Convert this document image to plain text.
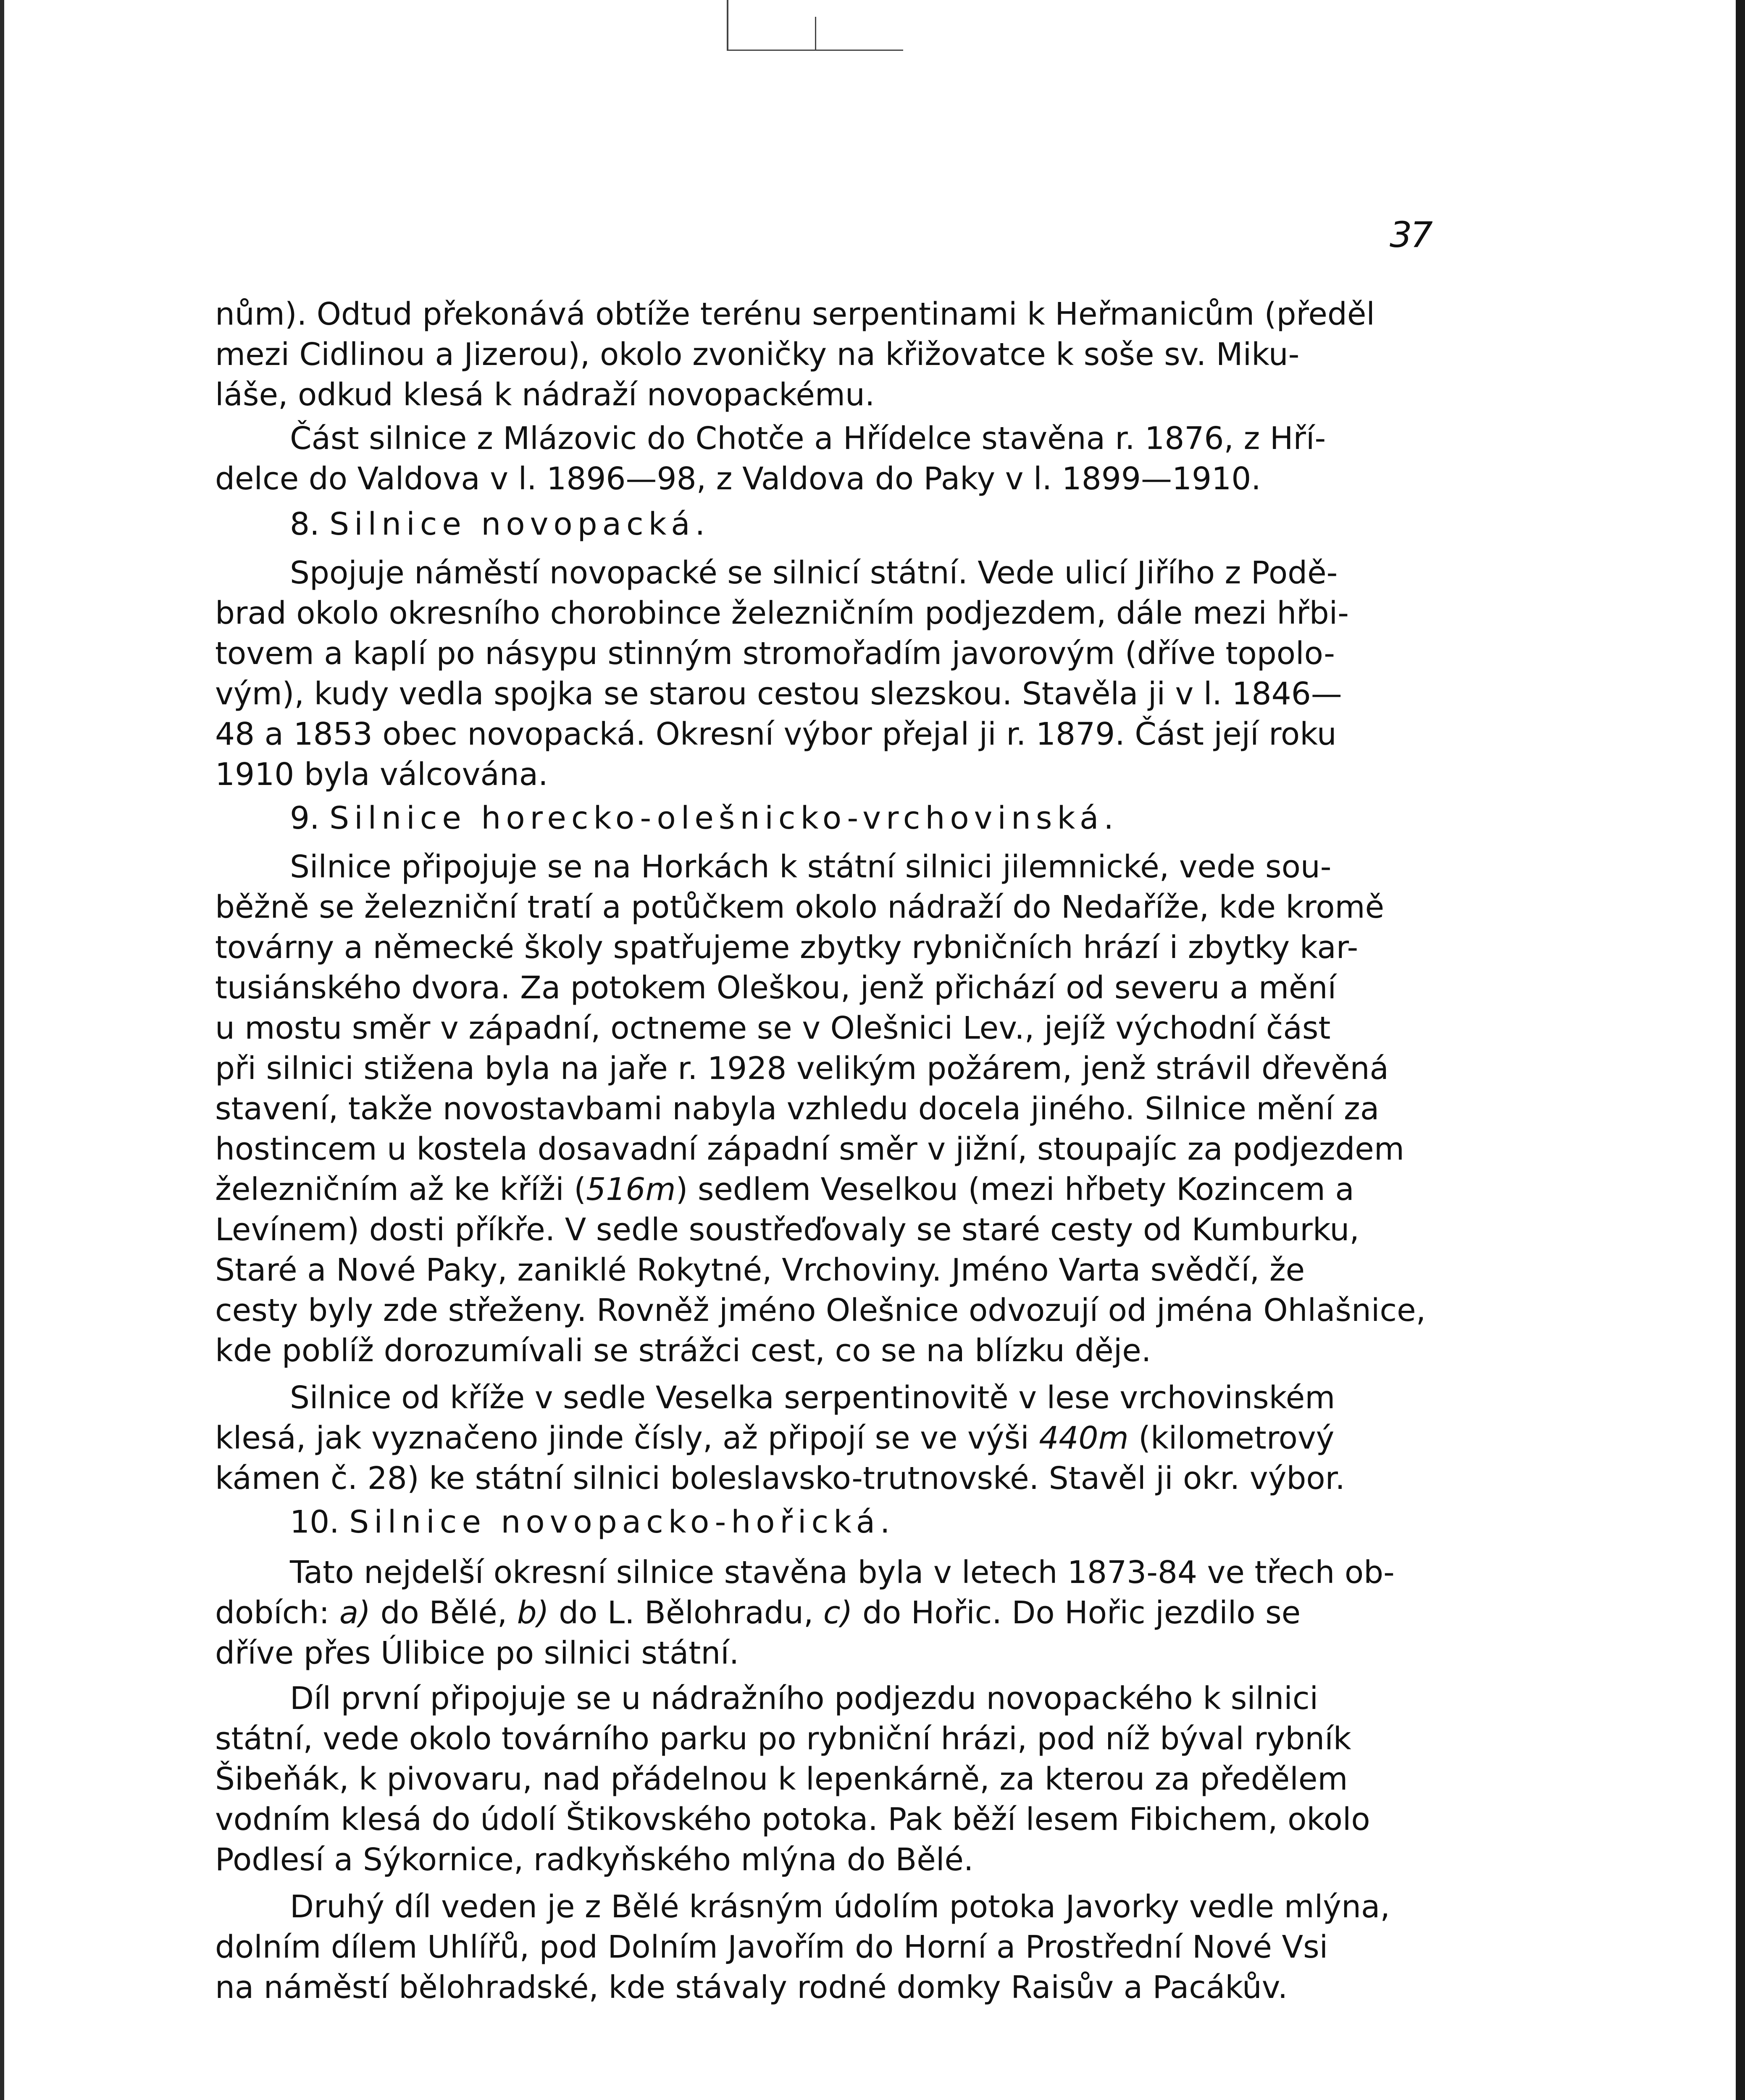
37
nům). Odtud překonává obtíže terénu serpentinami k Heřmanicům (předěl
mezi Cidlinou a Jizerou), okolo zvoničky na křižovatce k soše sv. Miku-
láše, odkud klesá k nádraží novopackému.
Část silnice z Mlázovic do Chotče a Hřídelce stavěna r. 1876, z Hří-
delce do Valdova v l. 1896—98, z Valdova do Paky v l. 1899—1910.
8. Silnice novopacká.
Spojuje náměstí novopacké se silnicí státní. Vede ulicí Jiřího z Podě-
brad okolo okresního chorobince železničním podjezdem, dále mezi hřbi-
tovem a kaplí po násypu stinným stromořadím javorovým (dříve topolo-
vým), kudy vedla spojka se starou cestou slezskou. Stavěla ji v l. 1846—
48 a 1853 obec novopacká. Okresní výbor přejal ji r. 1879. Část její roku
1910 byla válcována.
9. Silnice horecko-olešnicko-vrchovinská.
Silnice připojuje se na Horkách k státní silnici jilemnické, vede sou-
běžně se železniční tratí a potůčkem okolo nádraží do Nedaříže, kde kromě
továrny a německé školy spatřujeme zbytky rybničních hrází i zbytky kar-
tusiánského dvora. Za potokem Oleškou, jenž přichází od severu a mění
u mostu směr v západní, octneme se v Olešnici Lev., jejíž východní část
při silnici stižena byla na jaře r. 1928 velikým požárem, jenž strávil dřevěná
stavení, takže novostavbami nabyla vzhledu docela jiného. Silnice mění za
hostincem u kostela dosavadní západní směr v jižní, stoupajíc za podjezdem
železničním až ke kříži (516m) sedlem Veselkou (mezi hřbety Kozincem a
Levínem) dosti příkře. V sedle soustřeďovaly se staré cesty od Kumburku,
Staré a Nové Paky, zaniklé Rokytné, Vrchoviny. Jméno Varta svědčí, že
cesty byly zde střeženy. Rovněž jméno Olešnice odvozují od jména Ohlašnice,
kde poblíž dorozumívali se strážci cest, co se na blízku děje.
Silnice od kříže v sedle Veselka serpentinovitě v lese vrchovinském
klesá, jak vyznačeno jinde čísly, až připojí se ve výši 440m (kilometrový
kámen č. 28) ke státní silnici boleslavsko-trutnovské. Stavěl ji okr. výbor.
10. Silnice novopacko-hořická.
Tato nejdelší okresní silnice stavěna byla v letech 1873-84 ve třech ob-
dobích: a) do Bělé, b) do L. Bělohradu, c) do Hořic. Do Hořic jezdilo se
dříve přes Úlibice po silnici státní.
Díl první připojuje se u nádražního podjezdu novopackého k silnici
státní, vede okolo továrního parku po rybniční hrázi, pod níž býval rybník
Šibeňák, k pivovaru, nad přádelnou k lepenkárně, za kterou za předělem
vodním klesá do údolí Štikovského potoka. Pak běží lesem Fibichem, okolo
Podlesí a Sýkornice, radkyňského mlýna do Bělé.
Druhý díl veden je z Bělé krásným údolím potoka Javorky vedle mlýna,
dolním dílem Uhlířů, pod Dolním Javořím do Horní a Prostřední Nové Vsi
na náměstí bělohradské, kde stávaly rodné domky Raisův a Pacákův.
